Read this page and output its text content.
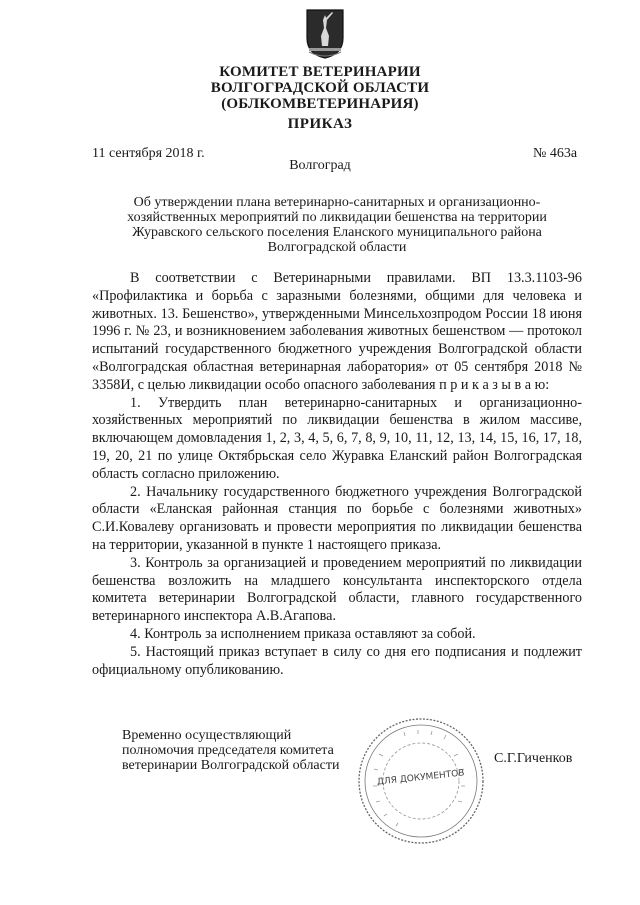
КОМИТЕТ ВЕТЕРИНАРИИ
ВОЛГОГРАДСКОЙ ОБЛАСТИ
(ОБЛКОМВЕТЕРИНАРИЯ)
ПРИКАЗ
11 сентября 2018 г.	№ 463а
Волгоград
Об утверждении плана ветеринарно-санитарных и организационно-
хозяйственных мероприятий по ликвидации бешенства на территории
Журавского сельского поселения Еланского муниципального района
Волгоградской области

В соответствии с Ветеринарными правилами. ВП 13.3.1103-96 «Профилактика и борьба с заразными болезнями, общими для человека и животных. 13. Бешенство», утвержденными Минсельхозпродом России 18 июня 1996 г. № 23, и возникновением заболевания животных бешенством — протокол испытаний государственного бюджетного учреждения Волгоградской области «Волгоградская областная ветеринарная лаборатория» от 05 сентября 2018 № 3358И, с целью ликвидации особо опасного заболевания п р и к а з ы в а ю:

1. Утвердить план ветеринарно-санитарных и организационно-хозяйственных мероприятий по ликвидации бешенства в жилом массиве, включающем домовладения 1, 2, 3, 4, 5, 6, 7, 8, 9, 10, 11, 12, 13, 14, 15, 16, 17, 18, 19, 20, 21 по улице Октябрьская село Журавка Еланский район Волгоградская область согласно приложению.

2. Начальнику государственного бюджетного учреждения Волгоградской области «Еланская районная станция по борьбе с болезнями животных» С.И.Ковалеву организовать и провести мероприятия по ликвидации бешенства на территории, указанной в пункте 1 настоящего приказа.

3. Контроль за организацией и проведением мероприятий по ликвидации бешенства возложить на младшего консультанта инспекторского отдела комитета ветеринарии Волгоградской области, главного государственного ветеринарного инспектора А.В.Агапова.

4. Контроль за исполнением приказа оставляют за собой.

5. Настоящий приказ вступает в силу со дня его подписания и подлежит официальному опубликованию.

Временно осуществляющий
полномочия председателя комитета
ветеринарии Волгоградской области
ДЛЯ ДОКУМЕНТОВ
С.Г.Гиченков
